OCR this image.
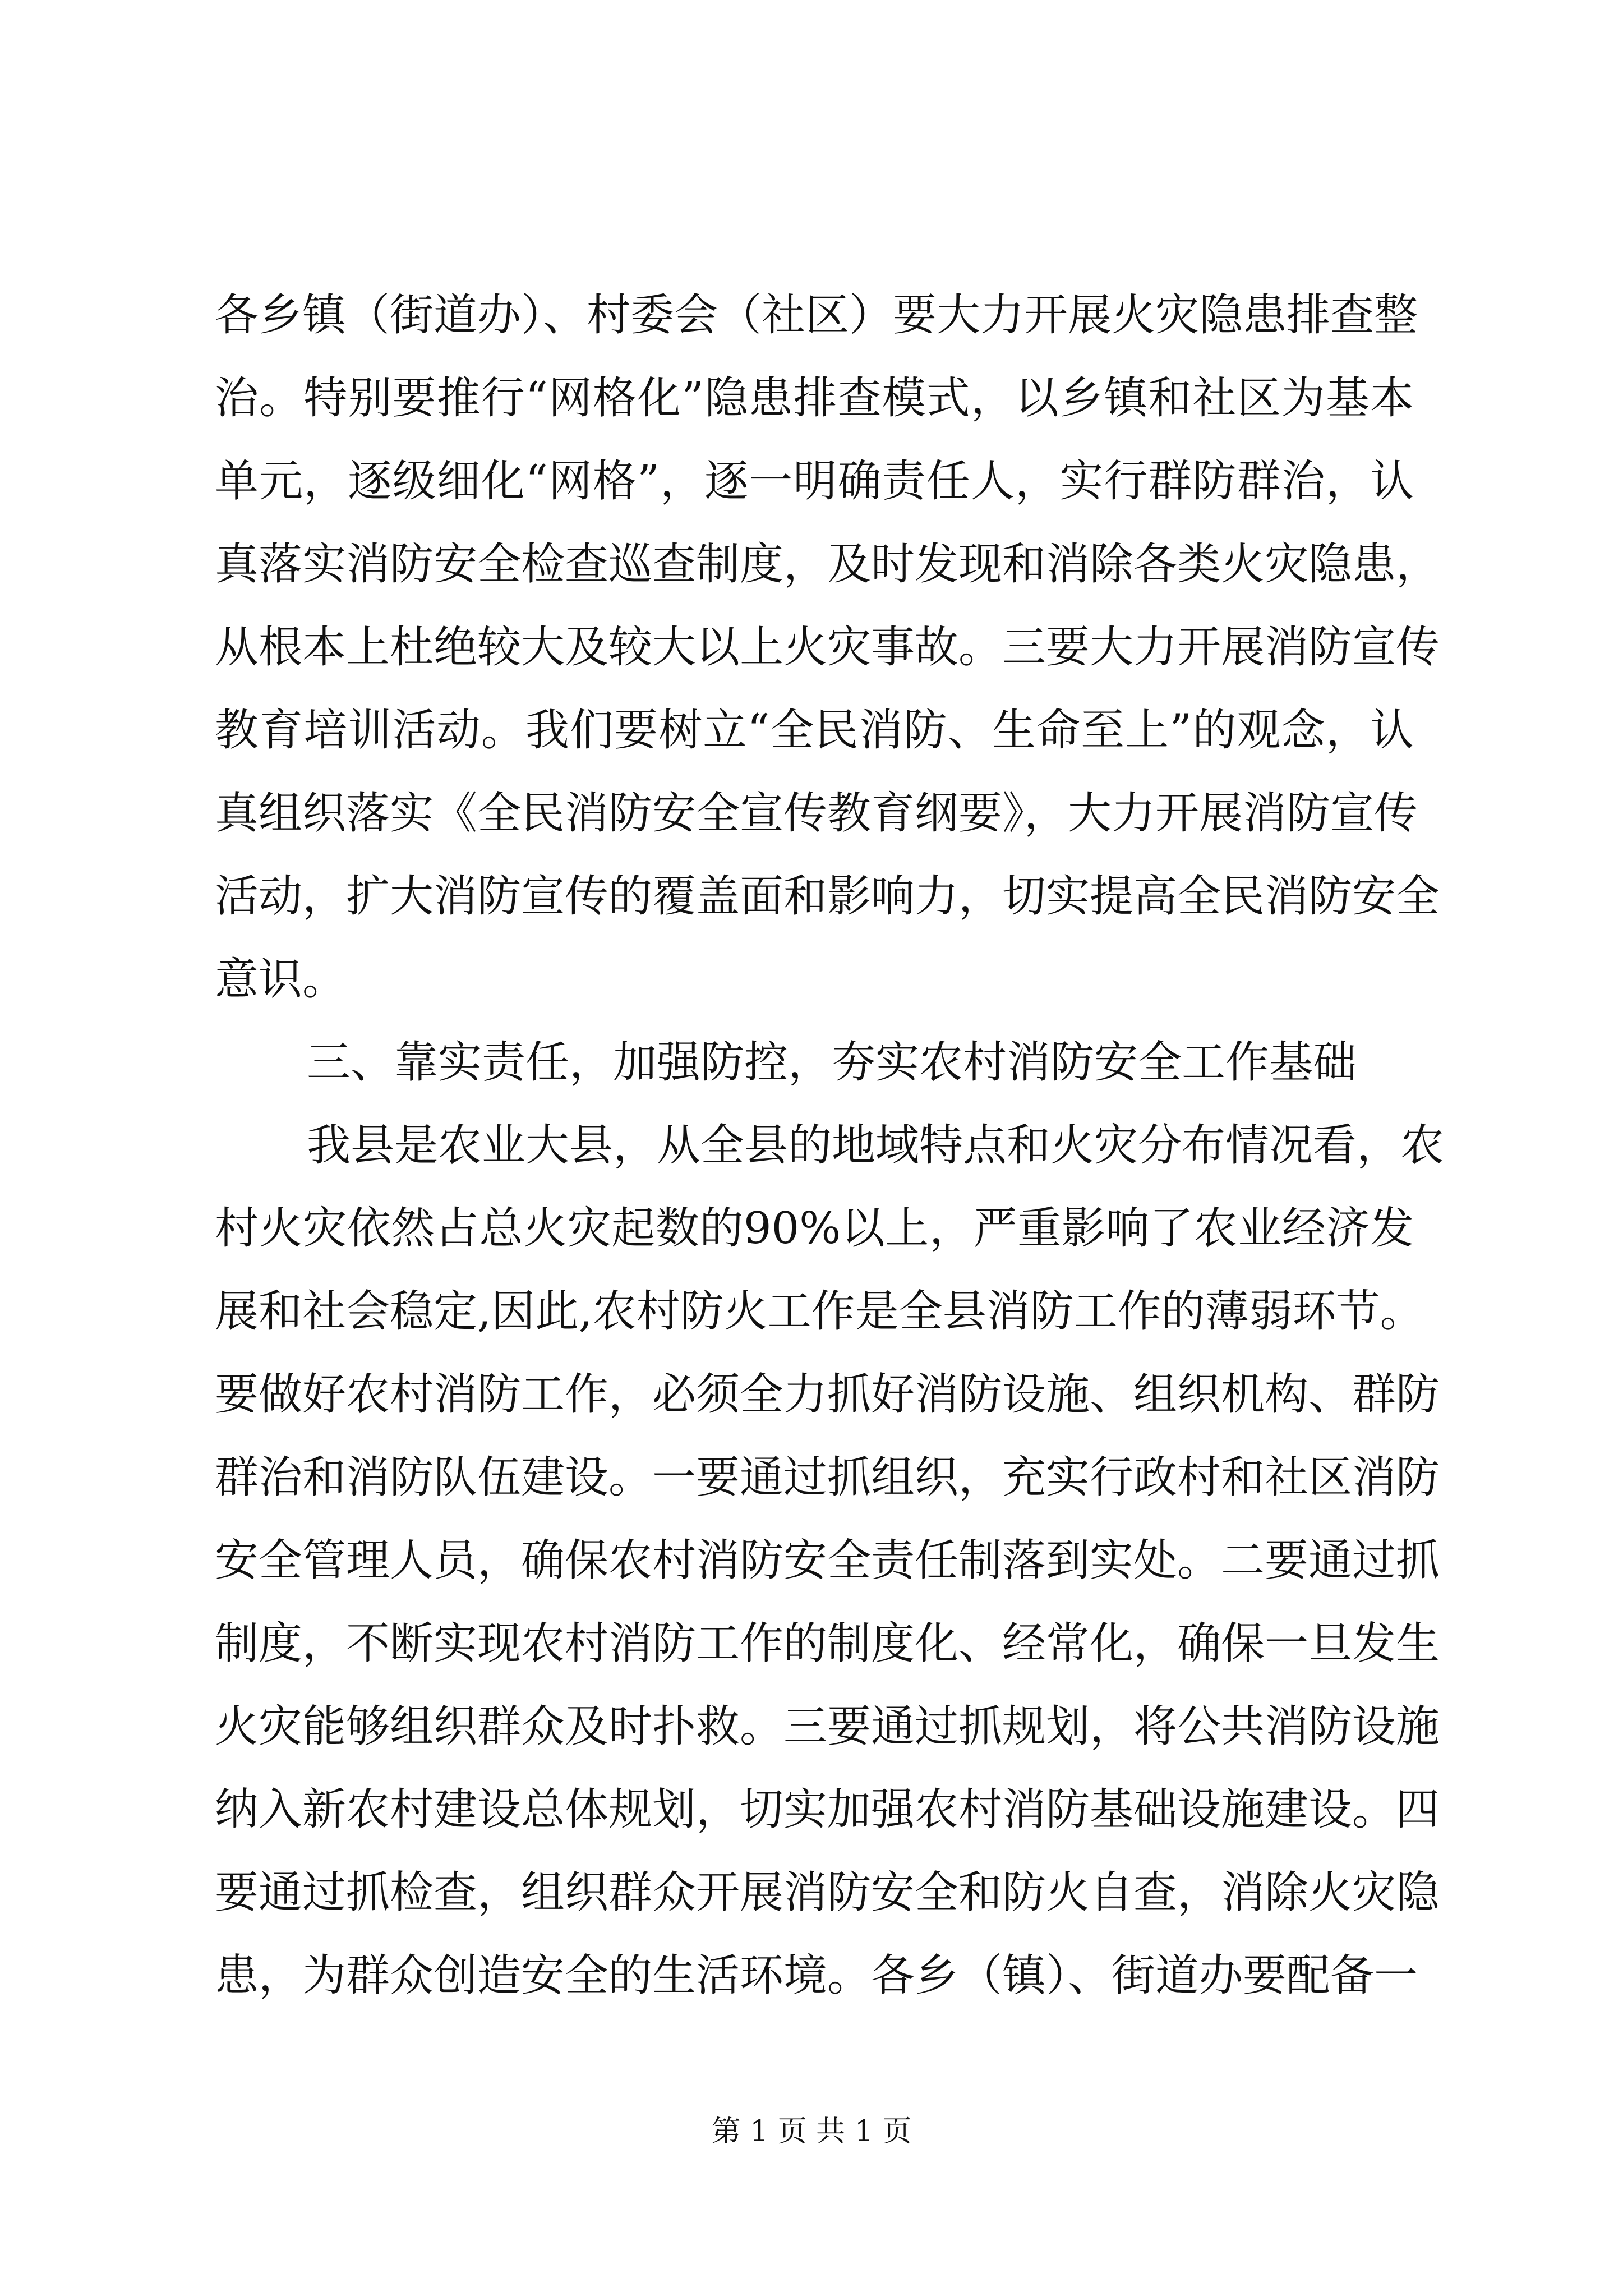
各乡镇（街道办）、村委会（社区）要大力开展火灾隐患排查整
治。特别要推行“网格化”隐患排查模式，以乡镇和社区为基本
单元，逐级细化“网格”，逐一明确责任人，实行群防群治，认
真落实消防安全检查巡查制度，及时发现和消除各类火灾隐患，
从根本上杜绝较大及较大以上火灾事故。三要大力开展消防宣传
教育培训活动。我们要树立“全民消防、生命至上”的观念，认
真组织落实《全民消防安全宣传教育纲要》，大力开展消防宣传
活动，扩大消防宣传的覆盖面和影响力，切实提高全民消防安全
意识。
三、靠实责任，加强防控，夯实农村消防安全工作基础
我县是农业大县，从全县的地域特点和火灾分布情况看，农
村火灾依然占总火灾起数的90%以上，严重影响了农业经济发
展和社会稳定,因此,农村防火工作是全县消防工作的薄弱环节。
要做好农村消防工作，必须全力抓好消防设施、组织机构、群防
群治和消防队伍建设。一要通过抓组织，充实行政村和社区消防
安全管理人员，确保农村消防安全责任制落到实处。二要通过抓
制度，不断实现农村消防工作的制度化、经常化，确保一旦发生
火灾能够组织群众及时扑救。三要通过抓规划，将公共消防设施
纳入新农村建设总体规划，切实加强农村消防基础设施建设。四
要通过抓检查，组织群众开展消防安全和防火自查，消除火灾隐
患，为群众创造安全的生活环境。各乡（镇）、街道办要配备一
第 1 页 共 1 页
